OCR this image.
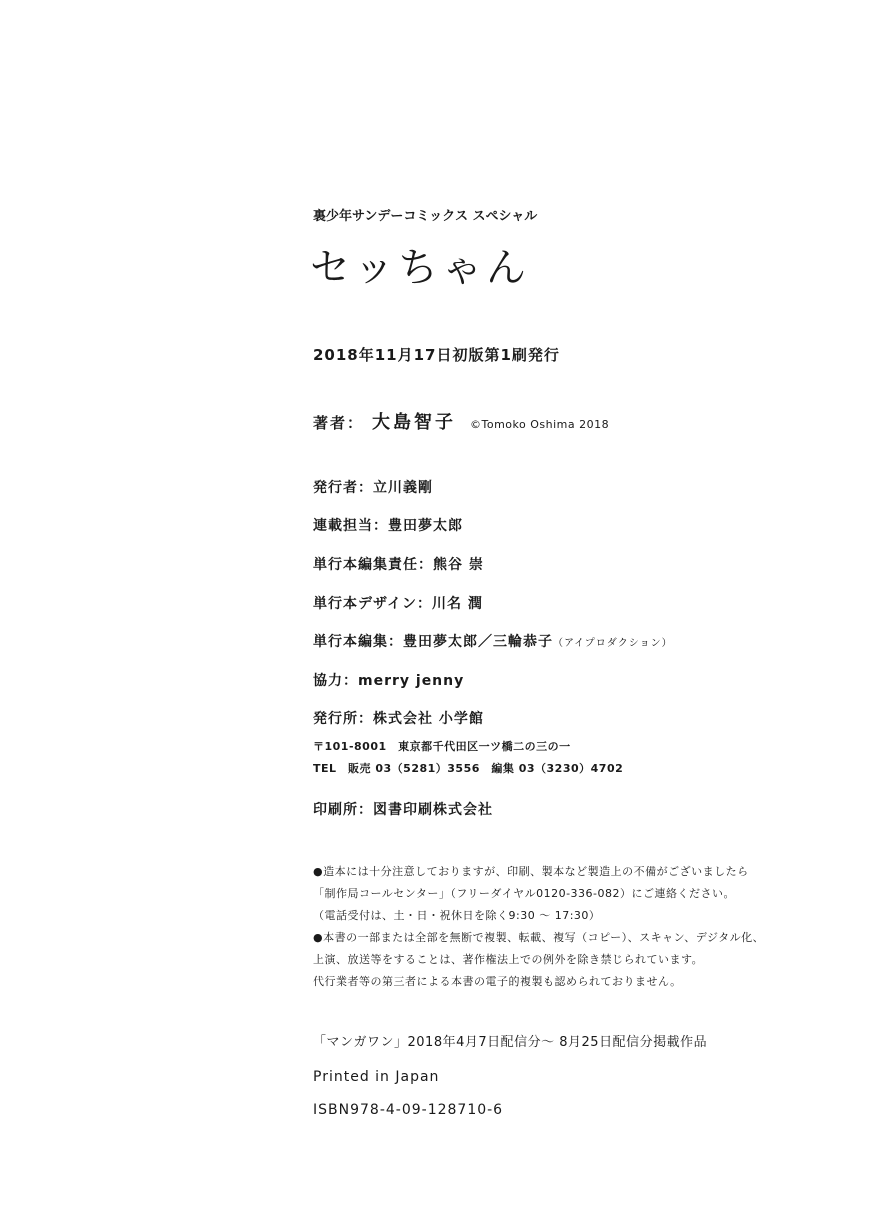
裏少年サンデーコミックス スペシャル
セッちゃん
2018年11月17日初版第1刷発行
著者： 大島智子 ©Tomoko Oshima 2018
発行者：立川義剛
連載担当：豊田夢太郎
単行本編集責任：熊谷 崇
単行本デザイン：川名 潤
単行本編集：豊田夢太郎／三輪恭子（アイプロダクション）
協力：merry jenny
発行所：株式会社 小学館
〒101-8001　東京都千代田区一ツ橋二の三の一
TEL　販売 03（5281）3556　編集 03（3230）4702
印刷所：図書印刷株式会社
●造本には十分注意しておりますが、印刷、製本など製造上の不備がございましたら
「制作局コールセンター」（フリーダイヤル0120-336-082）にご連絡ください。
（電話受付は、土・日・祝休日を除く9:30 ～ 17:30）
●本書の一部または全部を無断で複製、転載、複写（コピー）、スキャン、デジタル化、
上演、放送等をすることは、著作権法上での例外を除き禁じられています。
代行業者等の第三者による本書の電子的複製も認められておりません。
「マンガワン」2018年4月7日配信分～ 8月25日配信分掲載作品
Printed in Japan
ISBN978-4-09-128710-6
